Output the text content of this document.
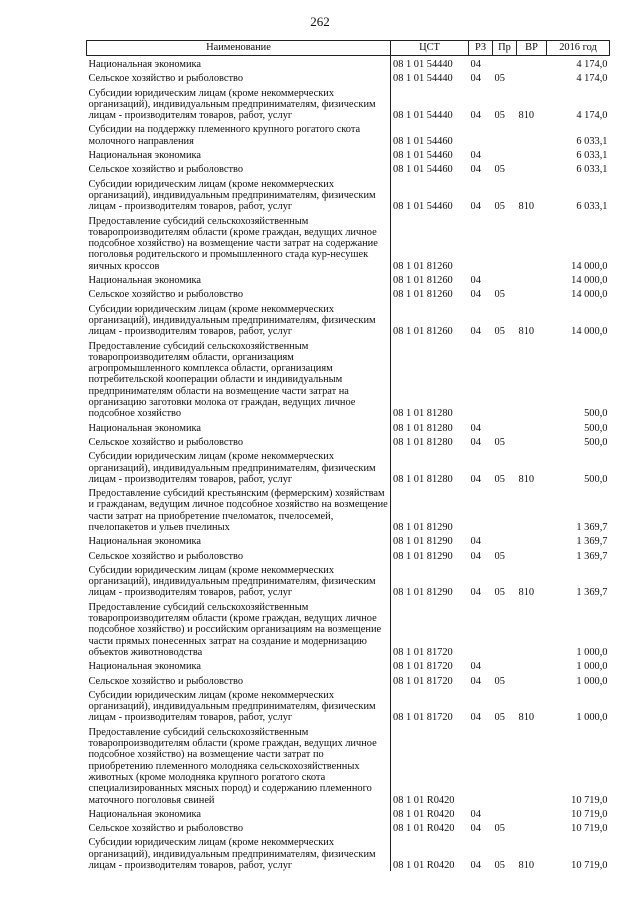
262
Наименование	ЦСТ	РЗ	Пр	ВР	2016 год
Национальная экономика	08 1 01 54440	04			4 174,0
Сельское хозяйство и рыболовство	08 1 01 54440	04	05		4 174,0
Субсидии юридическим лицам (кроме некоммерческих организаций), индивидуальным предпринимателям, физическим лицам - производителям товаров, работ, услуг	08 1 01 54440	04	05	810	4 174,0
Субсидии на поддержку племенного крупного рогатого скота молочного направления	08 1 01 54460				6 033,1
Национальная экономика	08 1 01 54460	04			6 033,1
Сельское хозяйство и рыболовство	08 1 01 54460	04	05		6 033,1
Субсидии юридическим лицам (кроме некоммерческих организаций), индивидуальным предпринимателям, физическим лицам - производителям товаров, работ, услуг	08 1 01 54460	04	05	810	6 033,1
Предоставление субсидий сельскохозяйственным товаропроизводителям области (кроме граждан, ведущих личное подсобное хозяйство) на возмещение части затрат на содержание поголовья родительского и промышленного стада кур-несушек яичных кроссов	08 1 01 81260				14 000,0
Национальная экономика	08 1 01 81260	04			14 000,0
Сельское хозяйство и рыболовство	08 1 01 81260	04	05		14 000,0
Субсидии юридическим лицам (кроме некоммерческих организаций), индивидуальным предпринимателям, физическим лицам - производителям товаров, работ, услуг	08 1 01 81260	04	05	810	14 000,0
Предоставление субсидий сельскохозяйственным товаропроизводителям области, организациям агропромышленного комплекса области, организациям потребительской кооперации области и индивидуальным предпринимателям области на возмещение части затрат на организацию заготовки молока от граждан, ведущих личное подсобное хозяйство	08 1 01 81280				500,0
Национальная экономика	08 1 01 81280	04			500,0
Сельское хозяйство и рыболовство	08 1 01 81280	04	05		500,0
Субсидии юридическим лицам (кроме некоммерческих организаций), индивидуальным предпринимателям, физическим лицам - производителям товаров, работ, услуг	08 1 01 81280	04	05	810	500,0
Предоставление субсидий крестьянским (фермерским) хозяйствам и гражданам, ведущим личное подсобное хозяйство на возмещение части затрат на приобретение пчеломаток, пчелосемей, пчелопакетов и ульев пчелиных	08 1 01 81290				1 369,7
Национальная экономика	08 1 01 81290	04			1 369,7
Сельское хозяйство и рыболовство	08 1 01 81290	04	05		1 369,7
Субсидии юридическим лицам (кроме некоммерческих организаций), индивидуальным предпринимателям, физическим лицам - производителям товаров, работ, услуг	08 1 01 81290	04	05	810	1 369,7
Предоставление субсидий сельскохозяйственным товаропроизводителям области (кроме граждан, ведущих личное подсобное хозяйство) и российским организациям на возмещение части прямых понесенных затрат на создание и модернизацию объектов животноводства	08 1 01 81720				1 000,0
Национальная экономика	08 1 01 81720	04			1 000,0
Сельское хозяйство и рыболовство	08 1 01 81720	04	05		1 000,0
Субсидии юридическим лицам (кроме некоммерческих организаций), индивидуальным предпринимателям, физическим лицам - производителям товаров, работ, услуг	08 1 01 81720	04	05	810	1 000,0
Предоставление субсидий сельскохозяйственным товаропроизводителям области (кроме граждан, ведущих личное подсобное хозяйство) на возмещение части затрат по приобретению племенного молодняка сельскохозяйственных животных (кроме молодняка крупного рогатого скота специализированных мясных пород) и содержанию племенного маточного поголовья свиней	08 1 01 R0420				10 719,0
Национальная экономика	08 1 01 R0420	04			10 719,0
Сельское хозяйство и рыболовство	08 1 01 R0420	04	05		10 719,0
Субсидии юридическим лицам (кроме некоммерческих организаций), индивидуальным предпринимателям, физическим лицам - производителям товаров, работ, услуг	08 1 01 R0420	04	05	810	10 719,0
